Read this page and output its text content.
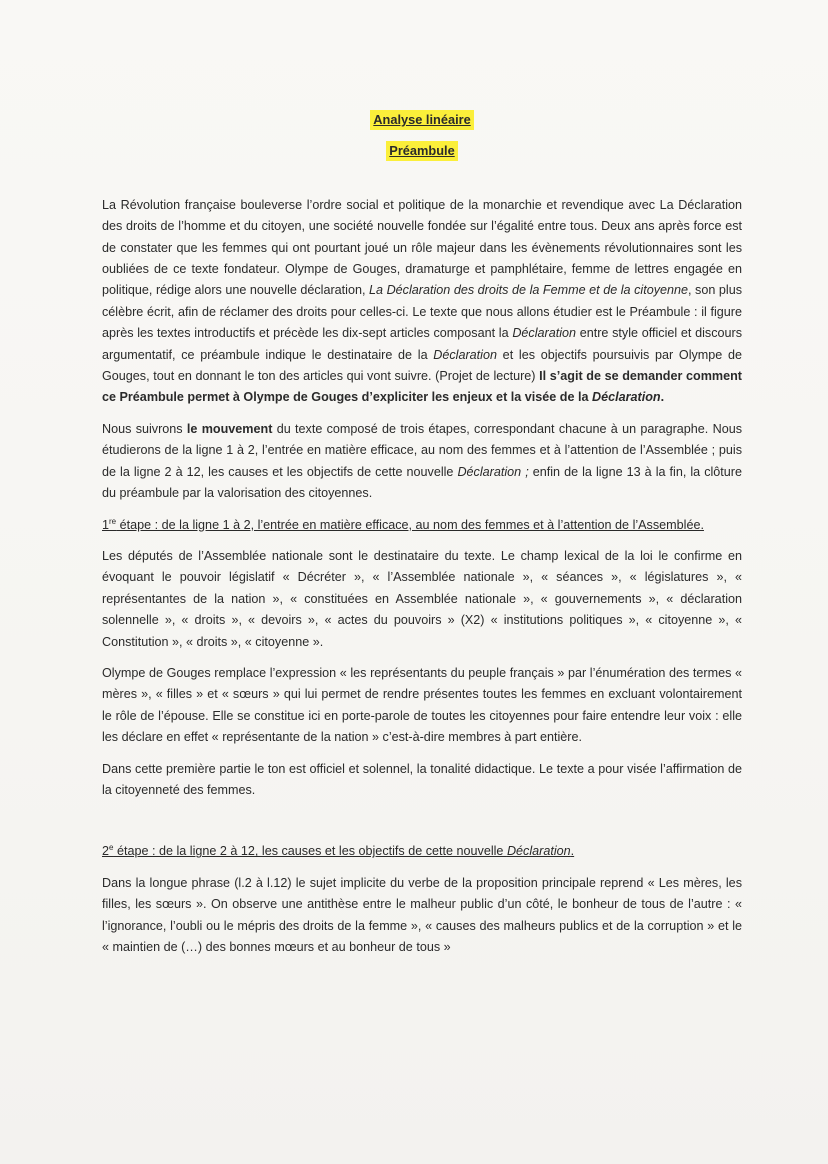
Analyse linéaire
Préambule

La Révolution française bouleverse l’ordre social et politique de la monarchie et revendique avec La Déclaration des droits de l’homme et du citoyen, une société nouvelle fondée sur l’égalité entre tous. Deux ans après force est de constater que les femmes qui ont pourtant joué un rôle majeur dans les évènements révolutionnaires sont les oubliées de ce texte fondateur. Olympe de Gouges, dramaturge et pamphlétaire, femme de lettres engagée en politique, rédige alors une nouvelle déclaration, La Déclaration des droits de la Femme et de la citoyenne, son plus célèbre écrit, afin de réclamer des droits pour celles-ci. Le texte que nous allons étudier est le Préambule : il figure après les textes introductifs et précède les dix-sept articles composant la Déclaration entre style officiel et discours argumentatif, ce préambule indique le destinataire de la Déclaration et les objectifs poursuivis par Olympe de Gouges, tout en donnant le ton des articles qui vont suivre. (Projet de lecture) Il s’agit de se demander comment ce Préambule permet à Olympe de Gouges d’expliciter les enjeux et la visée de la Déclaration.

Nous suivrons le mouvement du texte composé de trois étapes, correspondant chacune à un paragraphe. Nous étudierons de la ligne 1 à 2, l’entrée en matière efficace, au nom des femmes et à l’attention de l’Assemblée ; puis de la ligne 2 à 12, les causes et les objectifs de cette nouvelle Déclaration ; enfin de la ligne 13 à la fin, la clôture du préambule par la valorisation des citoyennes.

1re étape : de la ligne 1 à 2, l’entrée en matière efficace, au nom des femmes et à l’attention de l’Assemblée.

Les députés de l’Assemblée nationale sont le destinataire du texte. Le champ lexical de la loi le confirme en évoquant le pouvoir législatif « Décréter », « l’Assemblée nationale », « séances », « législatures », « représentantes de la nation », « constituées en Assemblée nationale », « gouvernements », « déclaration solennelle », « droits », « devoirs », « actes du pouvoirs » (X2) « institutions politiques », « citoyenne », « Constitution », « droits », « citoyenne ».

Olympe de Gouges remplace l’expression « les représentants du peuple français » par l’énumération des termes « mères », « filles » et « sœurs » qui lui permet de rendre présentes toutes les femmes en excluant volontairement le rôle de l’épouse. Elle se constitue ici en porte-parole de toutes les citoyennes pour faire entendre leur voix : elle les déclare en effet « représentante de la nation » c’est-à-dire membres à part entière.

Dans cette première partie le ton est officiel et solennel, la tonalité didactique. Le texte a pour visée l’affirmation de la citoyenneté des femmes.

2e étape : de la ligne 2 à 12, les causes et les objectifs de cette nouvelle Déclaration.

Dans la longue phrase (l.2 à l.12) le sujet implicite du verbe de la proposition principale reprend « Les mères, les filles, les sœurs ». On observe une antithèse entre le malheur public d’un côté, le bonheur de tous de l’autre : « l’ignorance, l’oubli ou le mépris des droits de la femme », « causes des malheurs publics et de la corruption » et le « maintien de (…) des bonnes mœurs et au bonheur de tous »
